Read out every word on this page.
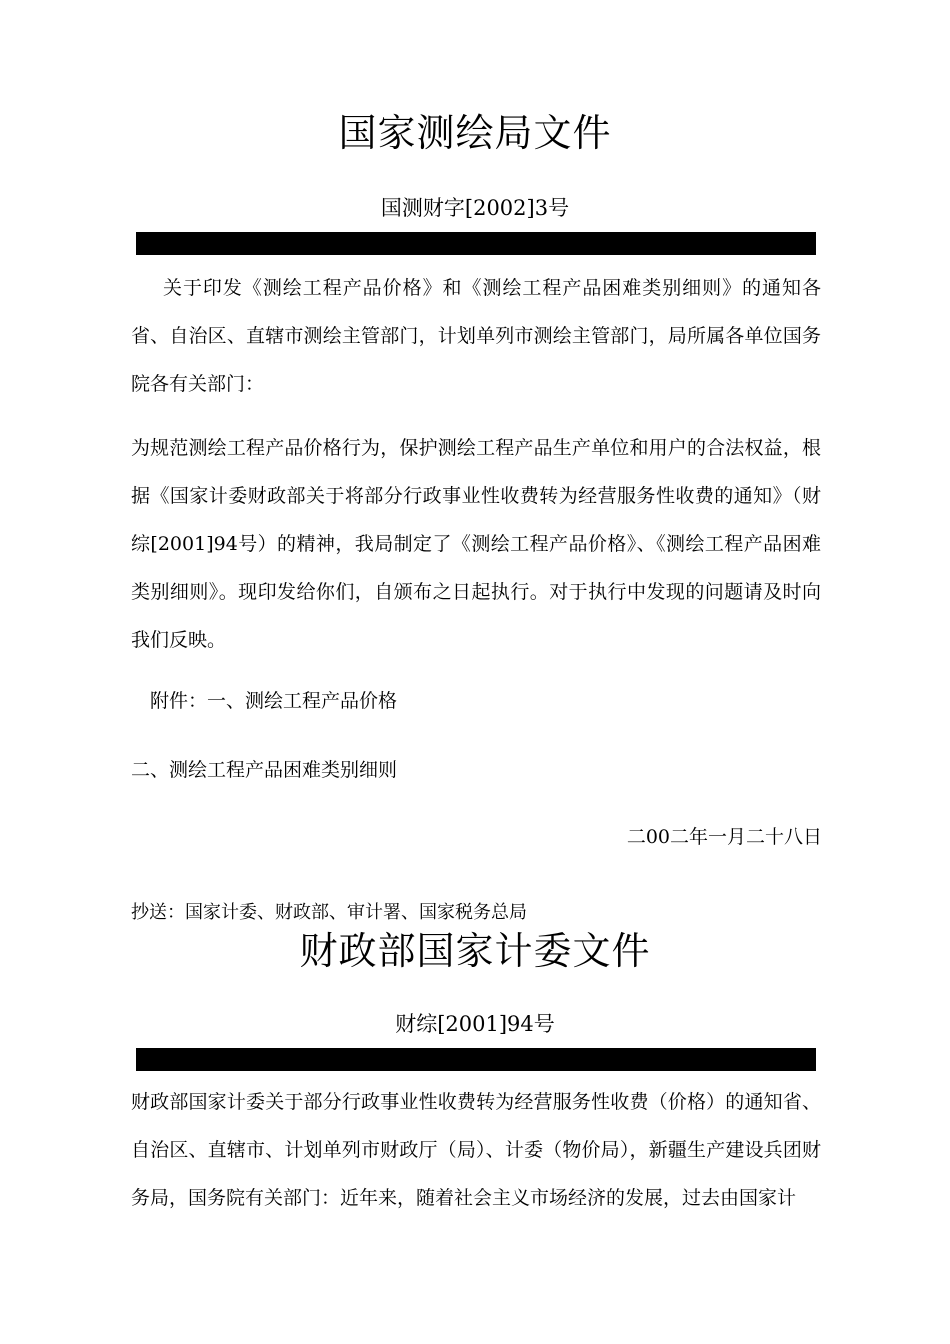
国家测绘局文件
国测财字[2002]3号
关于印发《测绘工程产品价格》和《测绘工程产品困难类别细则》的通知各省、自治区、直辖市测绘主管部门，计划单列市测绘主管部门，局所属各单位国务院各有关部门：
为规范测绘工程产品价格行为，保护测绘工程产品生产单位和用户的合法权益，根据《国家计委财政部关于将部分行政事业性收费转为经营服务性收费的通知》（财综[2001]94号）的精神，我局制定了《测绘工程产品价格》、《测绘工程产品困难类别细则》。现印发给你们，自颁布之日起执行。对于执行中发现的问题请及时向我们反映。
附件：一、测绘工程产品价格
二、测绘工程产品困难类别细则
二00二年一月二十八日
抄送：国家计委、财政部、审计署、国家税务总局
财政部国家计委文件
财综[2001]94号
财政部国家计委关于部分行政事业性收费转为经营服务性收费（价格）的通知省、自治区、直辖市、计划单列市财政厅（局）、计委（物价局），新疆生产建设兵团财务局，国务院有关部门：近年来，随着社会主义市场经济的发展，过去由国家计
